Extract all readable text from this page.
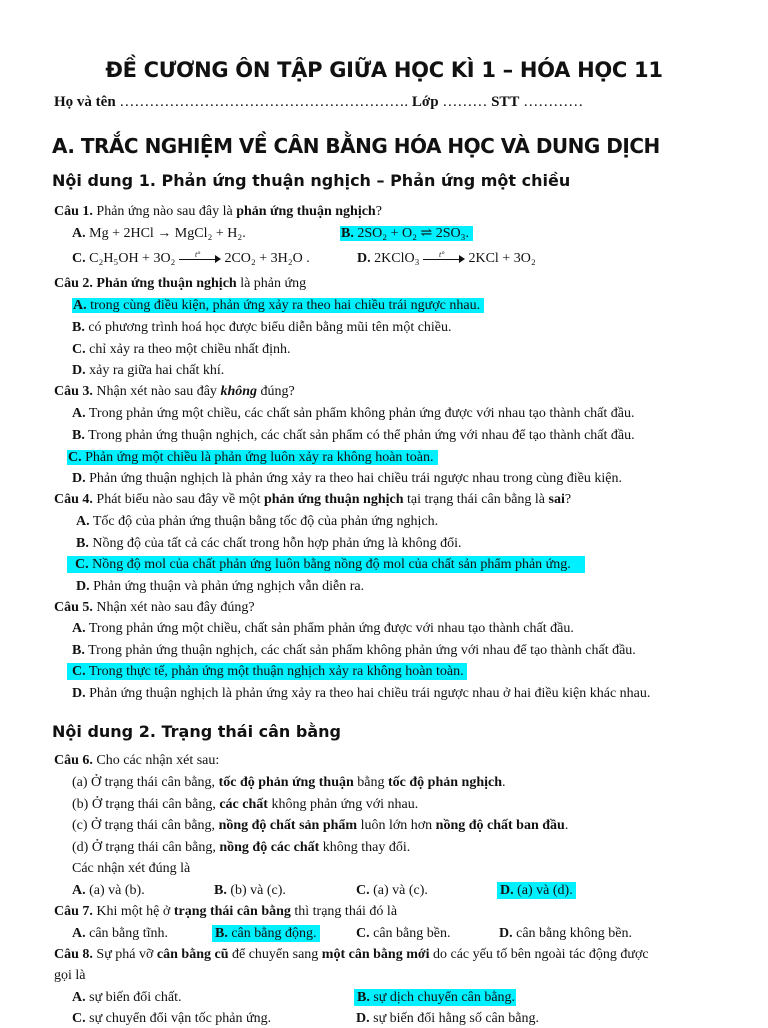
ĐỀ CƯƠNG ÔN TẬP GIỮA HỌC KÌ 1 – HÓA HỌC 11
Họ và tên …………………………………………………. Lớp ……… STT …………
A. TRẮC NGHIỆM VỀ CÂN BẰNG HÓA HỌC VÀ DUNG DỊCH
Nội dung 1. Phản ứng thuận nghịch – Phản ứng một chiều
Câu 1. Phản ứng nào sau đây là phản ứng thuận nghịch?
A. Mg + 2HCl → MgCl₂ + H₂.	B. 2SO₂ + O₂ ⇌ 2SO₃.
C. C₂H₅OH + 3O₂ t° 2CO₂ + 3H₂O .	D. 2KClO₃ t° 2KCl + 3O₂
Câu 2. Phản ứng thuận nghịch là phản ứng
A. trong cùng điều kiện, phản ứng xảy ra theo hai chiều trái ngược nhau.
B. có phương trình hoá học được biểu diễn bằng mũi tên một chiều.
C. chỉ xảy ra theo một chiều nhất định.
D. xảy ra giữa hai chất khí.
Câu 3. Nhận xét nào sau đây không đúng?
A. Trong phản ứng một chiều, các chất sản phẩm không phản ứng được với nhau tạo thành chất đầu.
B. Trong phản ứng thuận nghịch, các chất sản phẩm có thể phản ứng với nhau để tạo thành chất đầu.
C. Phản ứng một chiều là phản ứng luôn xảy ra không hoàn toàn.
D. Phản ứng thuận nghịch là phản ứng xảy ra theo hai chiều trái ngược nhau trong cùng điều kiện.
Câu 4. Phát biểu nào sau đây về một phản ứng thuận nghịch tại trạng thái cân bằng là sai?
A. Tốc độ của phản ứng thuận bằng tốc độ của phản ứng nghịch.
B. Nồng độ của tất cả các chất trong hỗn hợp phản ứng là không đổi.
C. Nồng độ mol của chất phản ứng luôn bằng nồng độ mol của chất sản phẩm phản ứng.
D. Phản ứng thuận và phản ứng nghịch vẫn diễn ra.
Câu 5. Nhận xét nào sau đây đúng?
A. Trong phản ứng một chiều, chất sản phẩm phản ứng được với nhau tạo thành chất đầu.
B. Trong phản ứng thuận nghịch, các chất sản phẩm không phản ứng với nhau để tạo thành chất đầu.
C. Trong thực tế, phản ứng một thuận nghịch xảy ra không hoàn toàn.
D. Phản ứng thuận nghịch là phản ứng xảy ra theo hai chiều trái ngược nhau ở hai điều kiện khác nhau.
Nội dung 2. Trạng thái cân bằng
Câu 6. Cho các nhận xét sau:
(a) Ở trạng thái cân bằng, tốc độ phản ứng thuận bằng tốc độ phản nghịch.
(b) Ở trạng thái cân bằng, các chất không phản ứng với nhau.
(c) Ở trạng thái cân bằng, nồng độ chất sản phẩm luôn lớn hơn nồng độ chất ban đầu.
(d) Ở trạng thái cân bằng, nồng độ các chất không thay đổi.
Các nhận xét đúng là
A. (a) và (b).	B. (b) và (c).	C. (a) và (c).	D. (a) và (d).
Câu 7. Khi một hệ ở trạng thái cân bằng thì trạng thái đó là
A. cân bằng tĩnh.	B. cân bằng động.	C. cân bằng bền.	D. cân bằng không bền.
Câu 8. Sự phá vỡ cân bằng cũ để chuyển sang một cân bằng mới do các yếu tố bên ngoài tác động được
gọi là
A. sự biến đổi chất.	B. sự dịch chuyển cân bằng.
C. sự chuyển đổi vận tốc phản ứng.	D. sự biến đổi hằng số cân bằng.
